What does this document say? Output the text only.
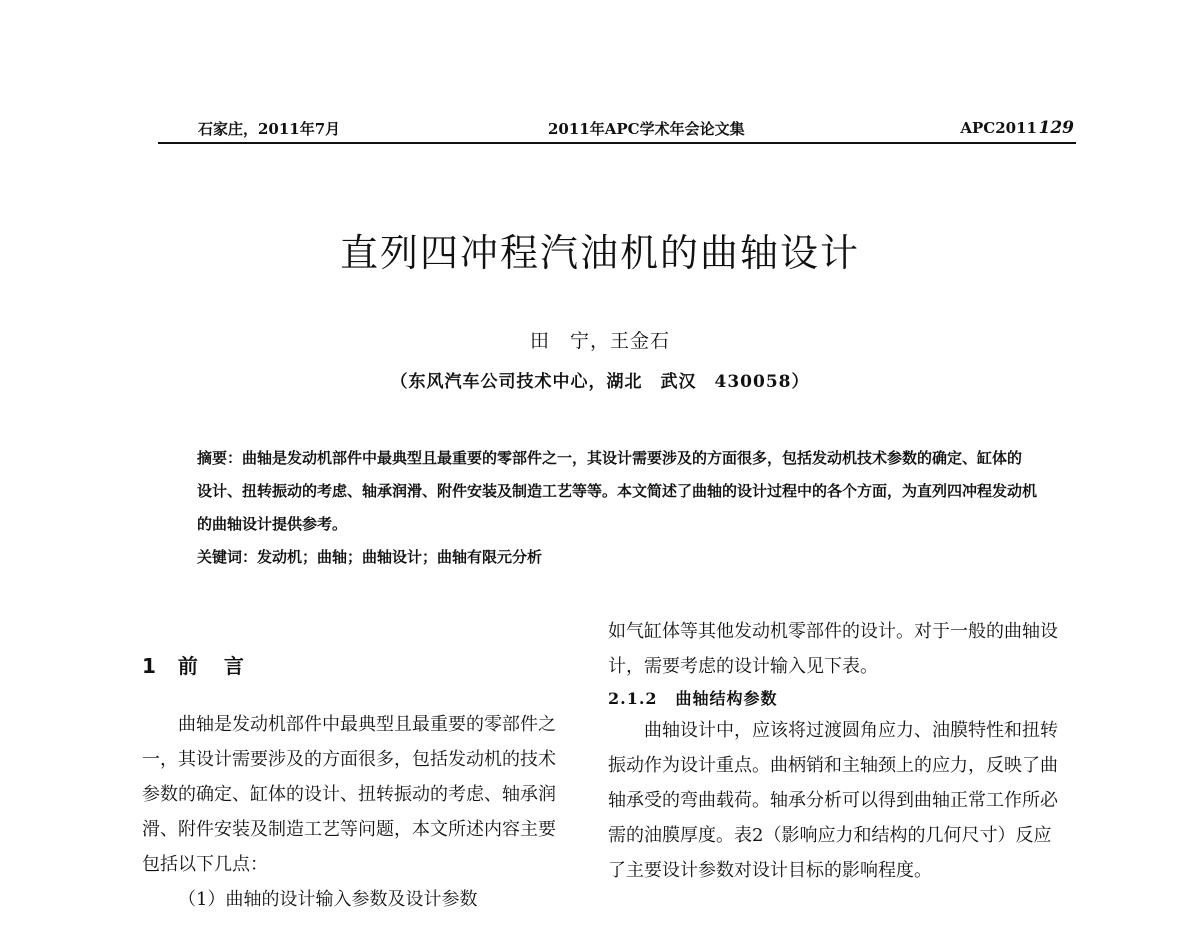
石家庄，2011年7月	2011年APC学术年会论文集	APC2011 129
直列四冲程汽油机的曲轴设计
田　宁，王金石
（东风汽车公司技术中心，湖北　武汉　430058）

摘要：曲轴是发动机部件中最典型且最重要的零部件之一，其设计需要涉及的方面很多，包括发动机技术参数的确定、缸体的设计、扭转振动的考虑、轴承润滑、附件安装及制造工艺等等。本文简述了曲轴的设计过程中的各个方面，为直列四冲程发动机的曲轴设计提供参考。

关键词：发动机；曲轴；曲轴设计；曲轴有限元分析

1 前言

曲轴是发动机部件中最典型且最重要的零部件之一，其设计需要涉及的方面很多，包括发动机的技术参数的确定、缸体的设计、扭转振动的考虑、轴承润滑、附件安装及制造工艺等问题，本文所述内容主要包括以下几点：

（1）曲轴的设计输入参数及设计参数

如气缸体等其他发动机零部件的设计。对于一般的曲轴设计，需要考虑的设计输入见下表。

2.1.2 曲轴结构参数

曲轴设计中，应该将过渡圆角应力、油膜特性和扭转振动作为设计重点。曲柄销和主轴颈上的应力，反映了曲轴承受的弯曲载荷。轴承分析可以得到曲轴正常工作所必需的油膜厚度。表2（影响应力和结构的几何尺寸）反应了主要设计参数对设计目标的影响程度。
